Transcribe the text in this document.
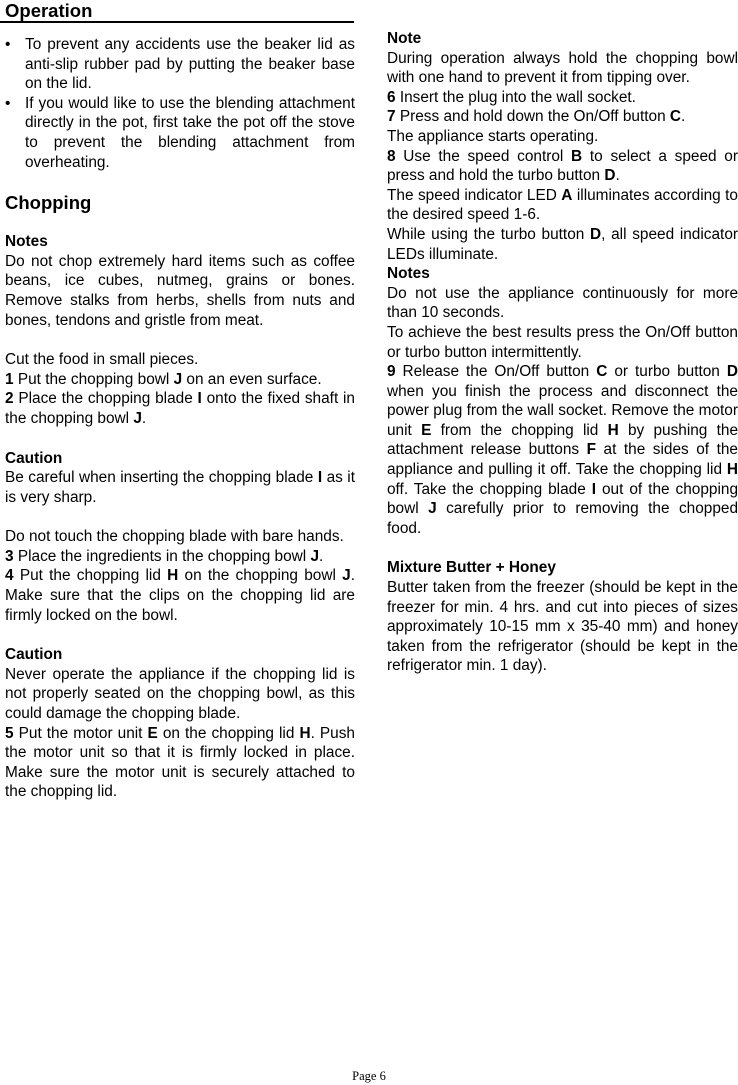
Operation
• To prevent any accidents use the beaker lid as anti-slip rubber pad by putting the beaker base on the lid.
• If you would like to use the blending attachment directly in the pot, first take the pot off the stove to prevent the blending attachment from overheating.

Chopping

Notes

Do not chop extremely hard items such as coffee beans, ice cubes, nutmeg, grains or bones. Remove stalks from herbs, shells from nuts and bones, tendons and gristle from meat.

Cut the food in small pieces.

1 Put the chopping bowl J on an even surface.

2 Place the chopping blade I onto the fixed shaft in the chopping bowl J.

Caution

Be careful when inserting the chopping blade I as it is very sharp.

Do not touch the chopping blade with bare hands.

3 Place the ingredients in the chopping bowl J.

4 Put the chopping lid H on the chopping bowl J. Make sure that the clips on the chopping lid are firmly locked on the bowl.

Caution

Never operate the appliance if the chopping lid is not properly seated on the chopping bowl, as this could damage the chopping blade.

5 Put the motor unit E on the chopping lid H. Push the motor unit so that it is firmly locked in place. Make sure the motor unit is securely attached to the chopping lid.

Note

During operation always hold the chopping bowl with one hand to prevent it from tipping over.

6 Insert the plug into the wall socket.

7 Press and hold down the On/Off button C.

The appliance starts operating.

8 Use the speed control B to select a speed or press and hold the turbo button D.

The speed indicator LED A illuminates according to the desired speed 1-6.

While using the turbo button D, all speed indicator LEDs illuminate.

Notes

Do not use the appliance continuously for more than 10 seconds.

To achieve the best results press the On/Off button or turbo button intermittently.

9 Release the On/Off button C or turbo button D when you finish the process and disconnect the power plug from the wall socket. Remove the motor unit E from the chopping lid H by pushing the attachment release buttons F at the sides of the appliance and pulling it off. Take the chopping lid H off. Take the chopping blade I out of the chopping bowl J carefully prior to removing the chopped food.

Mixture Butter + Honey

Butter taken from the freezer (should be kept in the freezer for min. 4 hrs. and cut into pieces of sizes approximately 10-15 mm x 35-40 mm) and honey taken from the refrigerator (should be kept in the refrigerator min. 1 day).

Page 6
